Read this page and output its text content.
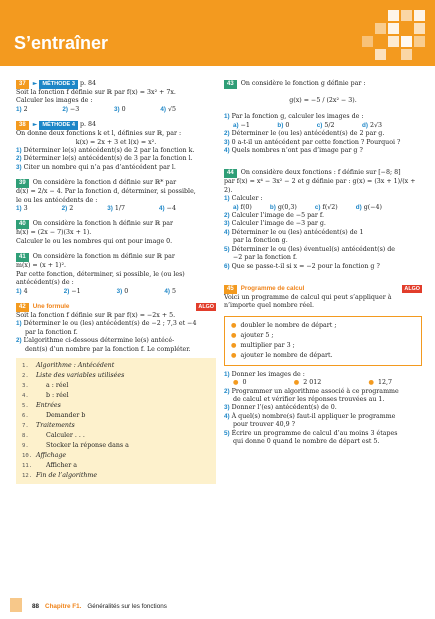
S’entraîner

37 ► MÉTHODE 3 p. 84

Soit la fonction f définie sur ℝ par f(x) = 3x² + 7x.

Calculer les images de :

1) 2	2) −3	3) 0	4) √5

38 ► MÉTHODE 4 p. 84

On donne deux fonctions k et l, définies sur ℝ, par :

k(x) = 2x + 3 et l(x) = x².

1) Déterminer le(s) antécédent(s) de 2 par la fonction k.

2) Déterminer le(s) antécédent(s) de 3 par la fonction l.

3) Citer un nombre qui n’a pas d’antécédent par l.

39 On considère la fonction d définie sur ℝ* par

d(x) = 2/x − 4. Par la fonction d, déterminer, si possible,

le ou les antécédents de :

1) 3	2) 2	3) 1/7	4) −4

40 On considère la fonction h définie sur ℝ par

h(x) = (2x − 7)(3x + 1).

Calculer le ou les nombres qui ont pour image 0.

41 On considère la fonction m définie sur ℝ par

m(x) = (x + 1)².

Par cette fonction, déterminer, si possible, le (ou les)

antécédent(s) de :

1) 4	2) −1	3) 0	4) 5

42 Une formule	ALGO

Soit la fonction f définie sur ℝ par f(x) = −2x + 5.

1) Déterminer le ou (les) antécédent(s) de −2 ; 7,3 et −4

par la fonction f.

2) L’algorithme ci-dessous détermine le(s) antécé-

dent(s) d’un nombre par la fonction f. Le compléter.

1. Algorithme : Antécédent
2. Liste des variables utilisées
3.	a : réel
4.	b : réel
5. Entrées
6.	Demander b
7. Traitements
8.	Calculer . . .
9.	Stocker la réponse dans a
10. Affichage
11. Afficher a
12. Fin de l’algorithme

43 On considère le fonction g définie par :

g(x) = −5 / (2x² − 3).

1) Par la fonction g, calculer les images de :

a) −1	b) 0	c) 5/2	d) 2√3

2) Déterminer le (ou les) antécédent(s) de 2 par g.

3) 0 a-t-il un antécédent par cette fonction ? Pourquoi ?

4) Quels nombres n’ont pas d’image par g ?

44 On considère deux fonctions : f définie sur [−8; 8]

par f(x) = x⁴ − 3x² − 2 et g définie par : g(x) = (3x + 1)/(x + 2).

1) Calculer :

a) f(0)	b) g(0,3)	c) f(√2)	d) g(−4)

2) Calculer l’image de −5 par f.

3) Calculer l’image de −3 par g.

4) Déterminer le ou (les) antécédent(s) de 1

par la fonction g.

5) Déterminer le ou (les) éventuel(s) antécédent(s) de

−2 par la fonction f.

6) Que se passe-t-il si x = −2 pour la fonction g ?

45 Programme de calcul	ALGO

Voici un programme de calcul qui peut s’appliquer à

n’importe quel nombre réel.

● doubler le nombre de départ ;
● ajouter 5 ;
● multiplier par 3 ;
● ajouter le nombre de départ.

1) Donner les images de :

● 0	● 2 012	● 12,7

2) Programmer un algorithme associé à ce programme

de calcul et vérifier les réponses trouvées au 1.

3) Donner l’(es) antécédent(s) de 0.

4) À quel(s) nombre(s) faut-il appliquer le programme

pour trouver 40,9 ?

5) Écrire un programme de calcul d’au moins 3 étapes

qui donne 0 quand le nombre de départ est 5.

88 Chapitre F1. Généralités sur les fonctions
